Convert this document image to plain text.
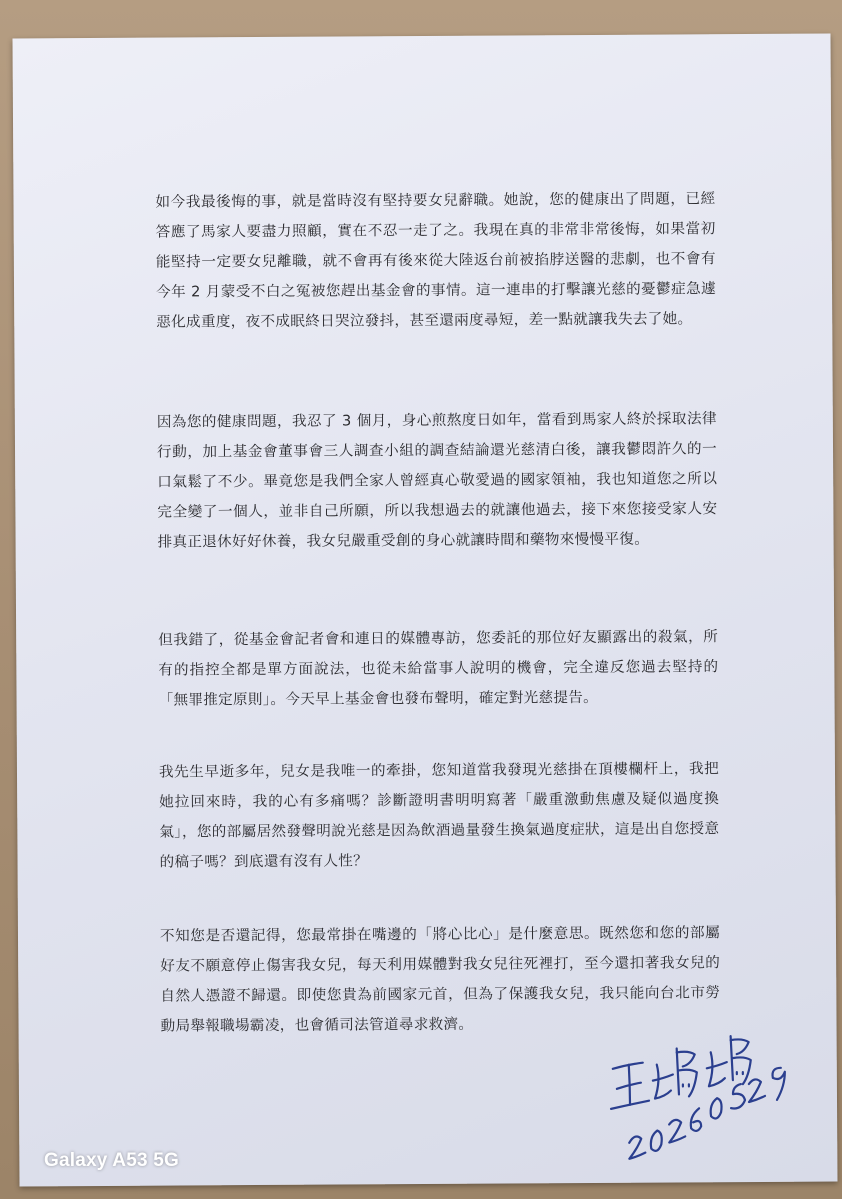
如今我最後悔的事，就是當時沒有堅持要女兒辭職。她說，您的健康出了問題，已經答應了馬家人要盡力照顧，實在不忍一走了之。我現在真的非常非常後悔，如果當初能堅持一定要女兒離職，就不會再有後來從大陸返台前被掐脖送醫的悲劇，也不會有今年 2 月蒙受不白之冤被您趕出基金會的事情。這一連串的打擊讓光慈的憂鬱症急遽惡化成重度，夜不成眠終日哭泣發抖，甚至還兩度尋短，差一點就讓我失去了她。

因為您的健康問題，我忍了 3 個月，身心煎熬度日如年，當看到馬家人終於採取法律行動，加上基金會董事會三人調查小組的調查結論還光慈清白後，讓我鬱悶許久的一口氣鬆了不少。畢竟您是我們全家人曾經真心敬愛過的國家領袖，我也知道您之所以完全變了一個人，並非自己所願，所以我想過去的就讓他過去，接下來您接受家人安排真正退休好好休養，我女兒嚴重受創的身心就讓時間和藥物來慢慢平復。

但我錯了，從基金會記者會和連日的媒體專訪，您委託的那位好友顯露出的殺氣，所有的指控全都是單方面說法，也從未給當事人說明的機會，完全違反您過去堅持的「無罪推定原則」。今天早上基金會也發布聲明，確定對光慈提告。

我先生早逝多年，兒女是我唯一的牽掛，您知道當我發現光慈掛在頂樓欄杆上，我把她拉回來時，我的心有多痛嗎？診斷證明書明明寫著「嚴重激動焦慮及疑似過度換氣」，您的部屬居然發聲明說光慈是因為飲酒過量發生換氣過度症狀，這是出自您授意的稿子嗎？到底還有沒有人性？

不知您是否還記得，您最常掛在嘴邊的「將心比心」是什麼意思。既然您和您的部屬好友不願意停止傷害我女兒，每天利用媒體對我女兒往死裡打，至今還扣著我女兒的自然人憑證不歸還。即使您貴為前國家元首，但為了保護我女兒，我只能向台北市勞動局舉報職場霸凌，也會循司法管道尋求救濟。

Galaxy A53 5G
